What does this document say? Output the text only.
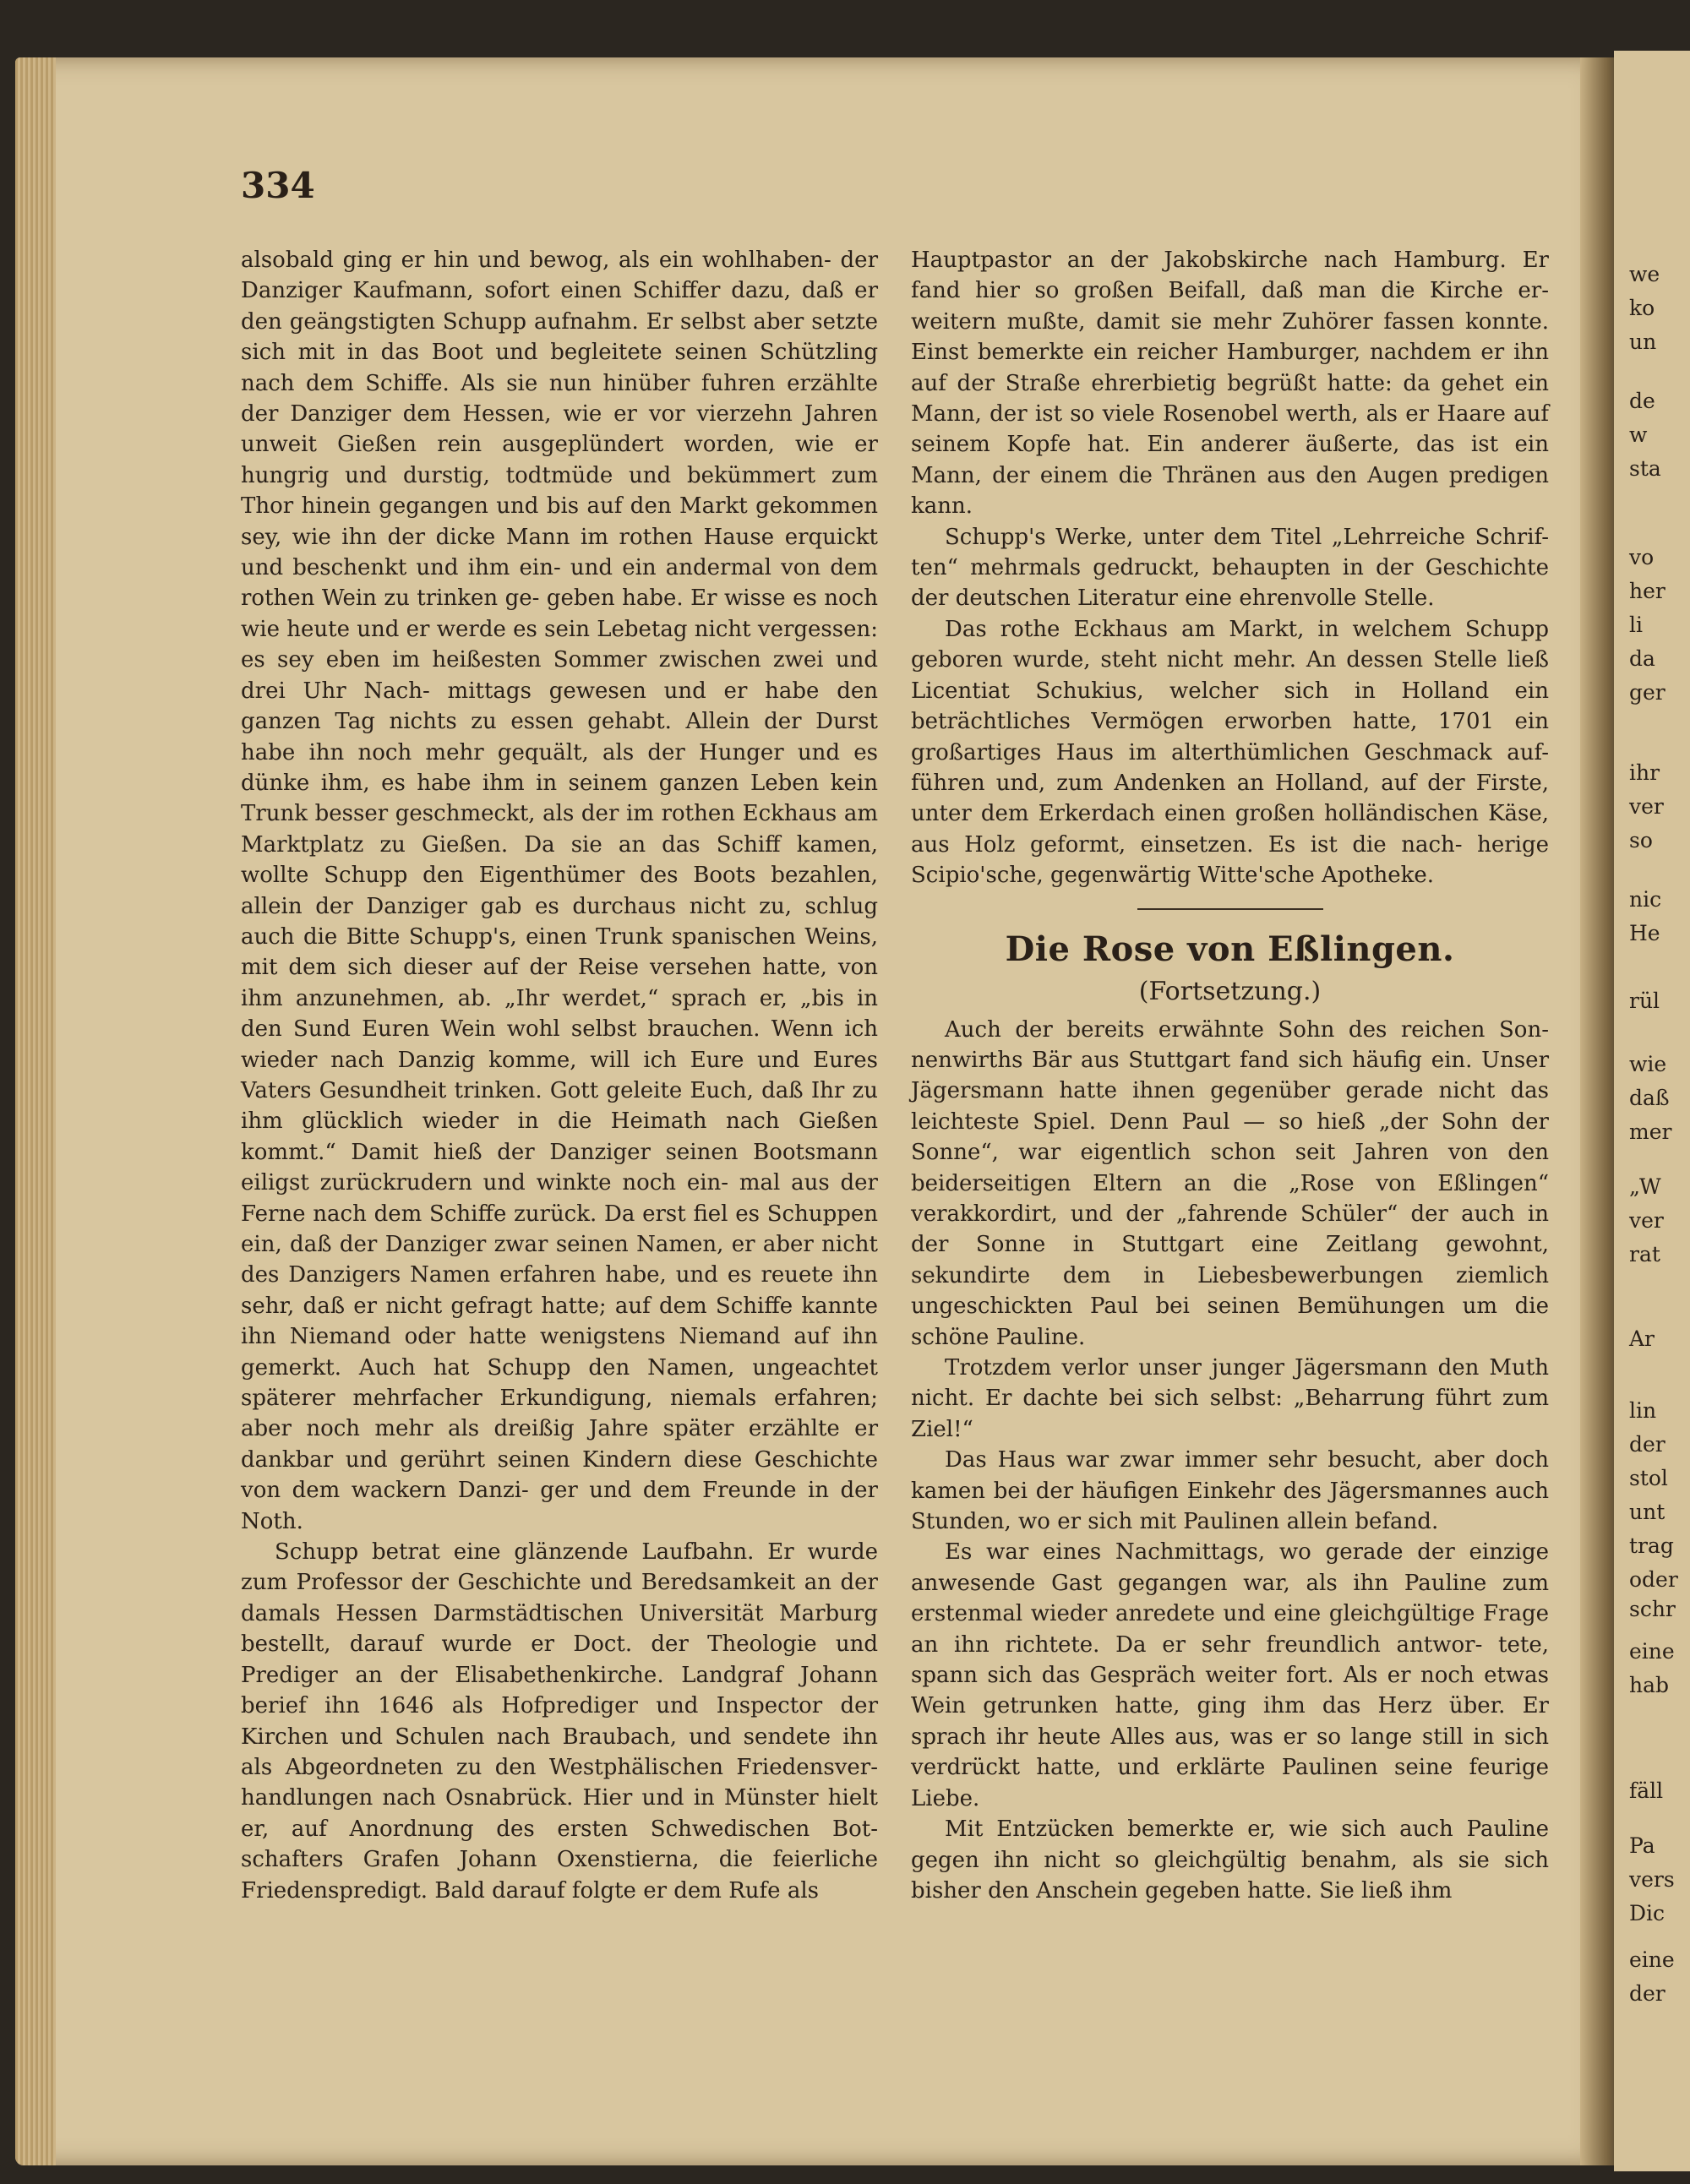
334

alsobald ging er hin und bewog, als ein wohlhaben- der Danziger Kaufmann, sofort einen Schiffer dazu, daß er den geängstigten Schupp aufnahm. Er selbst aber setzte sich mit in das Boot und begleitete seinen Schützling nach dem Schiffe. Als sie nun hinüber fuhren erzählte der Danziger dem Hessen, wie er vor vierzehn Jahren unweit Gießen rein ausgeplündert worden, wie er hungrig und durstig, todtmüde und bekümmert zum Thor hinein gegangen und bis auf den Markt gekommen sey, wie ihn der dicke Mann im rothen Hause erquickt und beschenkt und ihm ein- und ein andermal von dem rothen Wein zu trinken ge- geben habe. Er wisse es noch wie heute und er werde es sein Lebetag nicht vergessen: es sey eben im heißesten Sommer zwischen zwei und drei Uhr Nach- mittags gewesen und er habe den ganzen Tag nichts zu essen gehabt. Allein der Durst habe ihn noch mehr gequält, als der Hunger und es dünke ihm, es habe ihm in seinem ganzen Leben kein Trunk besser geschmeckt, als der im rothen Eckhaus am Marktplatz zu Gießen. Da sie an das Schiff kamen, wollte Schupp den Eigenthümer des Boots bezahlen, allein der Danziger gab es durchaus nicht zu, schlug auch die Bitte Schupp's, einen Trunk spanischen Weins, mit dem sich dieser auf der Reise versehen hatte, von ihm anzunehmen, ab. „Ihr werdet,“ sprach er, „bis in den Sund Euren Wein wohl selbst brauchen. Wenn ich wieder nach Danzig komme, will ich Eure und Eures Vaters Gesundheit trinken. Gott geleite Euch, daß Ihr zu ihm glücklich wieder in die Heimath nach Gießen kommt.“ Damit hieß der Danziger seinen Bootsmann eiligst zurückrudern und winkte noch ein- mal aus der Ferne nach dem Schiffe zurück. Da erst fiel es Schuppen ein, daß der Danziger zwar seinen Namen, er aber nicht des Danzigers Namen erfahren habe, und es reuete ihn sehr, daß er nicht gefragt hatte; auf dem Schiffe kannte ihn Niemand oder hatte wenigstens Niemand auf ihn gemerkt. Auch hat Schupp den Namen, ungeachtet späterer mehrfacher Erkundigung, niemals erfahren; aber noch mehr als dreißig Jahre später erzählte er dankbar und gerührt seinen Kindern diese Geschichte von dem wackern Danzi- ger und dem Freunde in der Noth.

Schupp betrat eine glänzende Laufbahn. Er wurde zum Professor der Geschichte und Beredsamkeit an der damals Hessen Darmstädtischen Universität Marburg bestellt, darauf wurde er Doct. der Theologie und Prediger an der Elisabethenkirche. Landgraf Johann berief ihn 1646 als Hofprediger und Inspector der Kirchen und Schulen nach Braubach, und sendete ihn als Abgeordneten zu den Westphälischen Friedensver- handlungen nach Osnabrück. Hier und in Münster hielt er, auf Anordnung des ersten Schwedischen Bot- schafters Grafen Johann Oxenstierna, die feierliche Friedenspredigt. Bald darauf folgte er dem Rufe als

Hauptpastor an der Jakobskirche nach Hamburg. Er fand hier so großen Beifall, daß man die Kirche er- weitern mußte, damit sie mehr Zuhörer fassen konnte. Einst bemerkte ein reicher Hamburger, nachdem er ihn auf der Straße ehrerbietig begrüßt hatte: da gehet ein Mann, der ist so viele Rosenobel werth, als er Haare auf seinem Kopfe hat. Ein anderer äußerte, das ist ein Mann, der einem die Thränen aus den Augen predigen kann.

Schupp's Werke, unter dem Titel „Lehrreiche Schrif- ten“ mehrmals gedruckt, behaupten in der Geschichte der deutschen Literatur eine ehrenvolle Stelle.

Das rothe Eckhaus am Markt, in welchem Schupp geboren wurde, steht nicht mehr. An dessen Stelle ließ Licentiat Schukius, welcher sich in Holland ein beträchtliches Vermögen erworben hatte, 1701 ein großartiges Haus im alterthümlichen Geschmack auf- führen und, zum Andenken an Holland, auf der Firste, unter dem Erkerdach einen großen holländischen Käse, aus Holz geformt, einsetzen. Es ist die nach- herige Scipio'sche, gegenwärtig Witte'sche Apotheke.

Die Rose von Eßlingen.
(Fortsetzung.)

Auch der bereits erwähnte Sohn des reichen Son- nenwirths Bär aus Stuttgart fand sich häufig ein. Unser Jägersmann hatte ihnen gegenüber gerade nicht das leichteste Spiel. Denn Paul — so hieß „der Sohn der Sonne“, war eigentlich schon seit Jahren von den beiderseitigen Eltern an die „Rose von Eßlingen“ verakkordirt, und der „fahrende Schüler“ der auch in der Sonne in Stuttgart eine Zeitlang gewohnt, sekundirte dem in Liebesbewerbungen ziemlich ungeschickten Paul bei seinen Bemühungen um die schöne Pauline.

Trotzdem verlor unser junger Jägersmann den Muth nicht. Er dachte bei sich selbst: „Beharrung führt zum Ziel!“

Das Haus war zwar immer sehr besucht, aber doch kamen bei der häufigen Einkehr des Jägersmannes auch Stunden, wo er sich mit Paulinen allein befand.

Es war eines Nachmittags, wo gerade der einzige anwesende Gast gegangen war, als ihn Pauline zum erstenmal wieder anredete und eine gleichgültige Frage an ihn richtete. Da er sehr freundlich antwor- tete, spann sich das Gespräch weiter fort. Als er noch etwas Wein getrunken hatte, ging ihm das Herz über. Er sprach ihr heute Alles aus, was er so lange still in sich verdrückt hatte, und erklärte Paulinen seine feurige Liebe.

Mit Entzücken bemerkte er, wie sich auch Pauline gegen ihn nicht so gleichgültig benahm, als sie sich bisher den Anschein gegeben hatte. Sie ließ ihm

we
ko
un
de
w
sta
vo
her
li
da
ger
ihr
ver
so
nic
He
rül
wie
daß
mer
„W
ver
rat
Ar
lin
der
stol
unt
trag
oder
schr
eine
hab
fäll
Pa
vers
Dic
eine
der
